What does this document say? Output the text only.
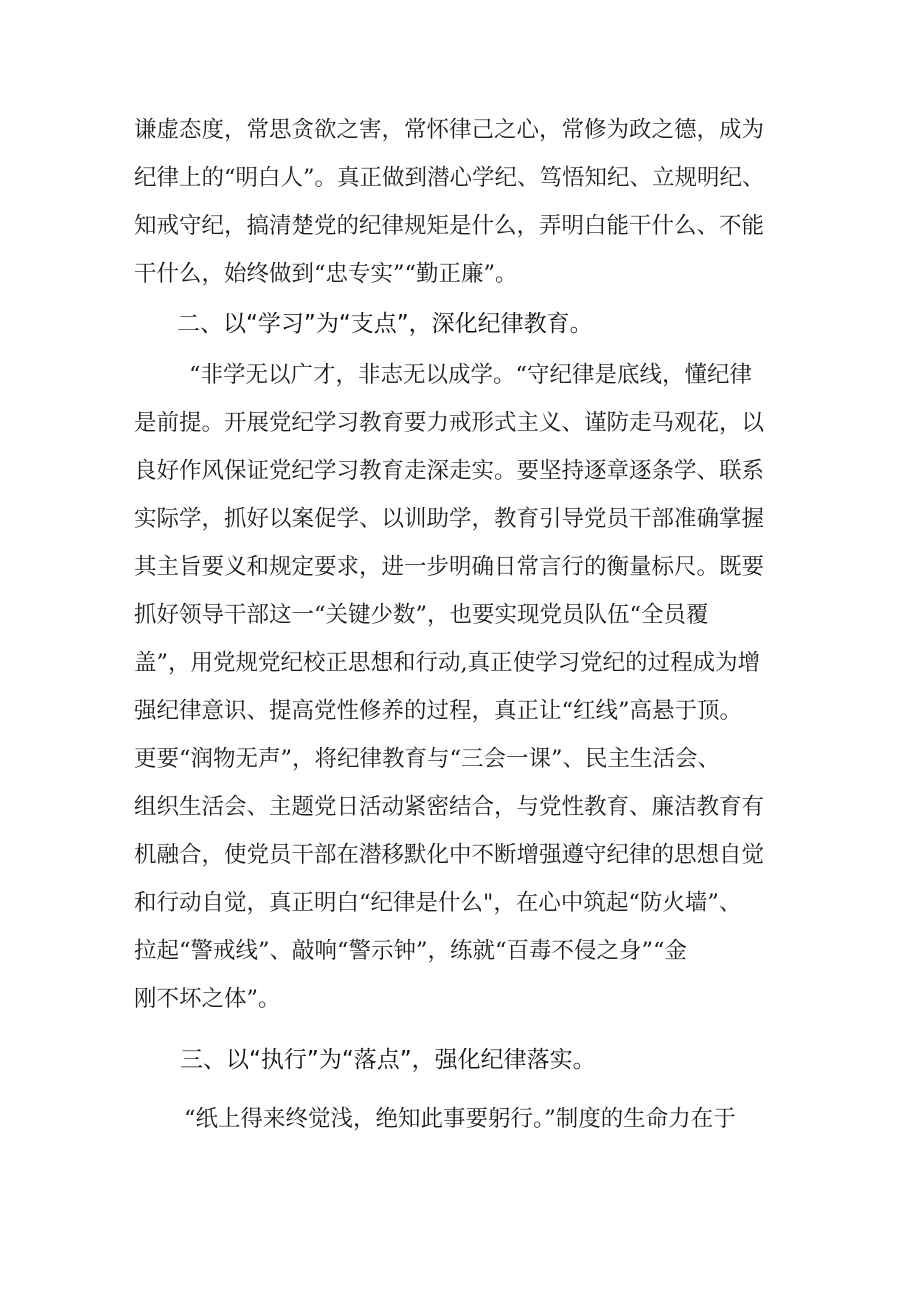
谦虚态度，常思贪欲之害，常怀律己之心，常修为政之德，成为
纪律上的“明白人”。真正做到潜心学纪、笃悟知纪、立规明纪、
知戒守纪，搞清楚党的纪律规矩是什么，弄明白能干什么、不能
干什么，始终做到“忠专实”“勤正廉”。
二、以“学习”为“支点”，深化纪律教育。
“非学无以广才，非志无以成学。“守纪律是底线，懂纪律
是前提。开展党纪学习教育要力戒形式主义、谨防走马观花，以
良好作风保证党纪学习教育走深走实。要坚持逐章逐条学、联系
实际学，抓好以案促学、以训助学，教育引导党员干部准确掌握
其主旨要义和规定要求，进一步明确日常言行的衡量标尺。既要
抓好领导干部这一“关键少数”，也要实现党员队伍“全员覆
盖”，用党规党纪校正思想和行动,真正使学习党纪的过程成为增
强纪律意识、提高党性修养的过程，真正让“红线”高悬于顶。
更要“润物无声”，将纪律教育与“三会一课”、民主生活会、
组织生活会、主题党日活动紧密结合，与党性教育、廉洁教育有
机融合，使党员干部在潜移默化中不断增强遵守纪律的思想自觉
和行动自觉，真正明白“纪律是什么"，在心中筑起“防火墙”、
拉起“警戒线”、敲响“警示钟”，练就“百毒不侵之身”“金
刚不坏之体”。
三、以“执行”为“落点”，强化纪律落实。
“纸上得来终觉浅，绝知此事要躬行。”制度的生命力在于
